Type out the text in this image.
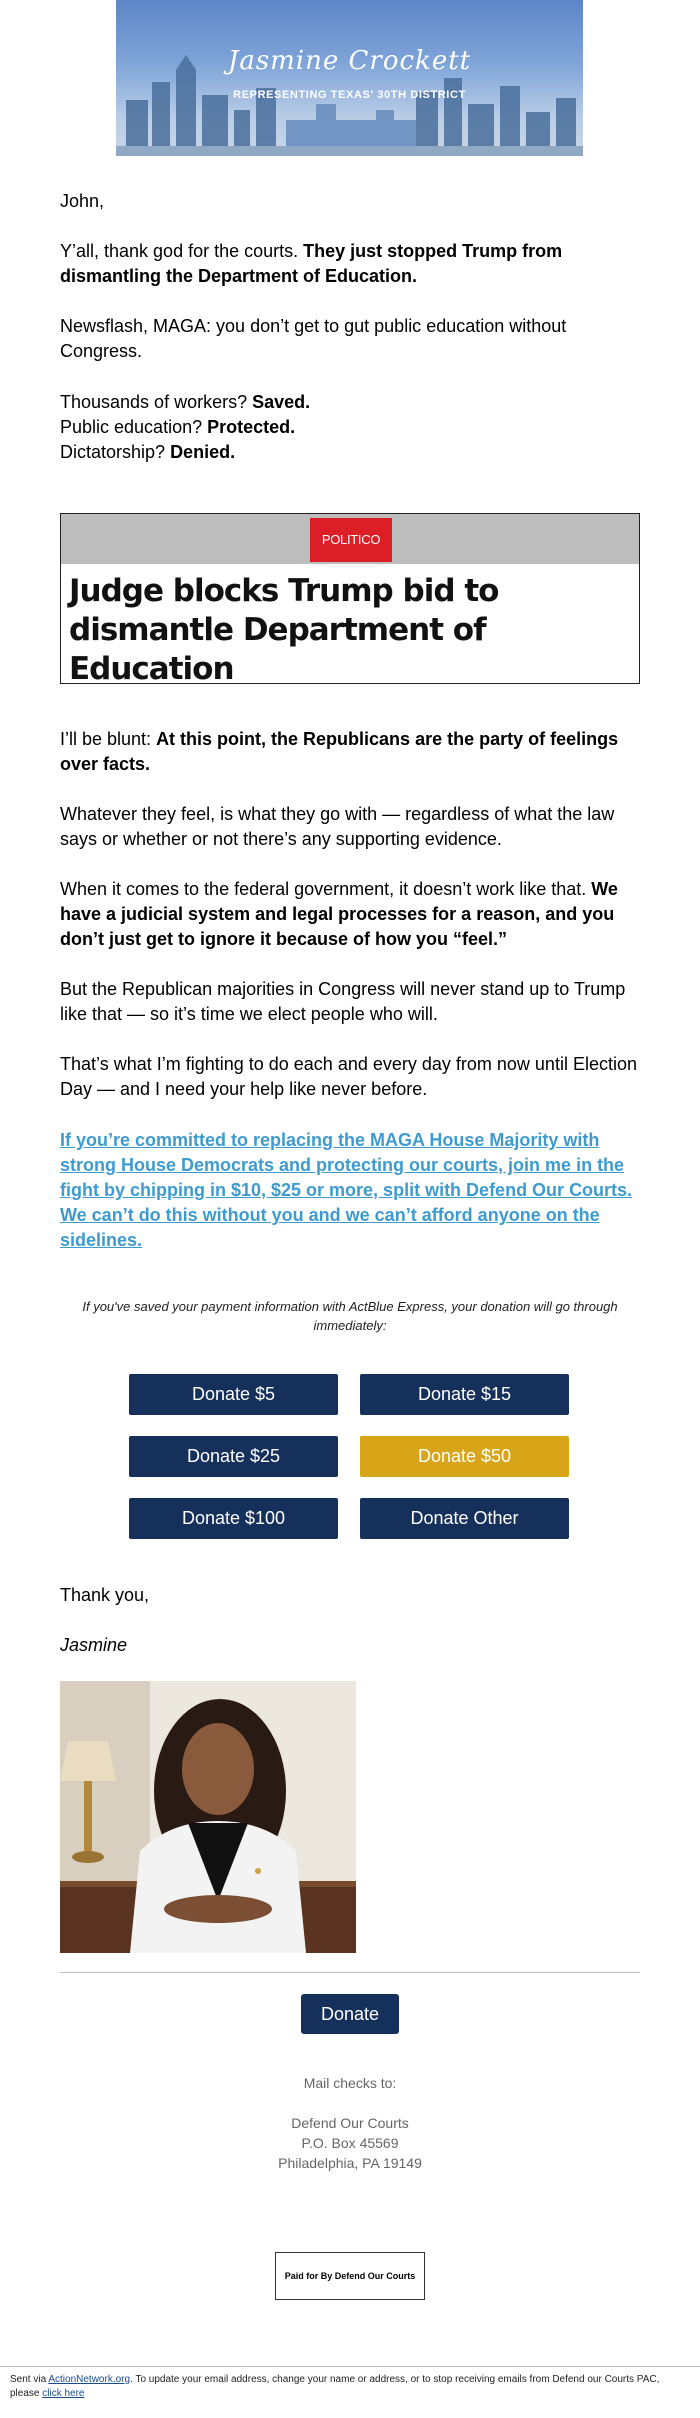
Jasmine Crockett
REPRESENTING TEXAS' 30TH DISTRICT
John,
Y’all, thank god for the courts. They just stopped Trump from dismantling the Department of Education.
Newsflash, MAGA: you don’t get to gut public education without Congress.
Thousands of workers? Saved.
Public education? Protected.
Dictatorship? Denied.
POLITICO
Judge blocks Trump bid to dismantle Department of Education
I’ll be blunt: At this point, the Republicans are the party of feelings over facts.
Whatever they feel, is what they go with — regardless of what the law says or whether or not there’s any supporting evidence.
When it comes to the federal government, it doesn’t work like that. We have a judicial system and legal processes for a reason, and you don’t just get to ignore it because of how you “feel.”
But the Republican majorities in Congress will never stand up to Trump like that — so it’s time we elect people who will.
That’s what I’m fighting to do each and every day from now until Election Day — and I need your help like never before.
If you’re committed to replacing the MAGA House Majority with strong House Democrats and protecting our courts, join me in the fight by chipping in $10, $25 or more, split with Defend Our Courts. We can’t do this without you and we can’t afford anyone on the sidelines.
If you've saved your payment information with ActBlue Express, your donation will go through immediately:
Donate $5	Donate $15
Donate $25	Donate $50
Donate $100	Donate Other
Thank you,
Jasmine
Donate
Mail checks to:
Defend Our Courts
P.O. Box 45569
Philadelphia, PA 19149
Paid for By Defend Our Courts
Sent via ActionNetwork.org. To update your email address, change your name or address, or to stop receiving emails from Defend our Courts PAC, please click here
